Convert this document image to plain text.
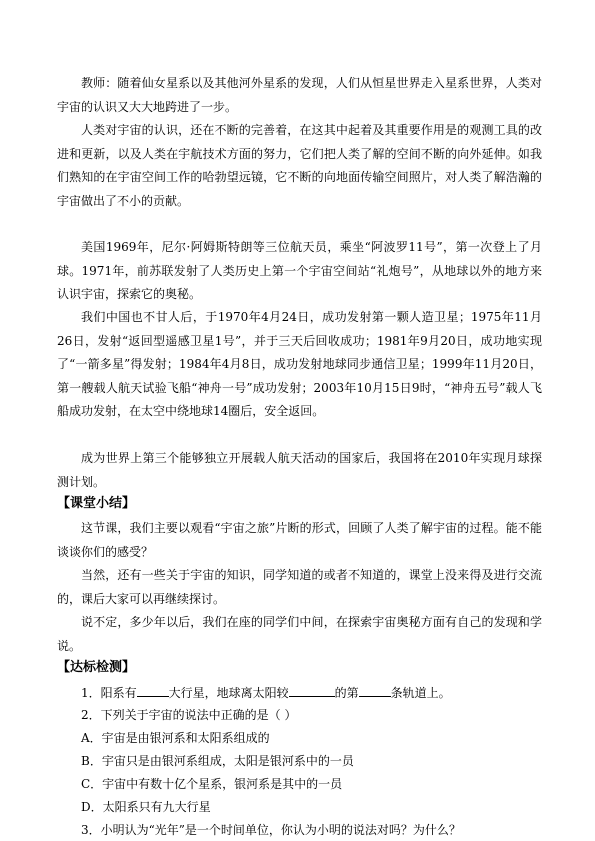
教师：随着仙女星系以及其他河外星系的发现，人们从恒星世界走入星系世界，人类对宇宙的认识又大大地跨进了一步。

人类对宇宙的认识，还在不断的完善着，在这其中起着及其重要作用是的观测工具的改进和更新，以及人类在宇航技术方面的努力，它们把人类了解的空间不断的向外延伸。如我们熟知的在宇宙空间工作的哈勃望远镜，它不断的向地面传输空间照片，对人类了解浩瀚的宇宙做出了不小的贡献。

美国1969年，尼尔·阿姆斯特朗等三位航天员，乘坐“阿波罗11号”，第一次登上了月球。1971年，前苏联发射了人类历史上第一个宇宙空间站“礼炮号”，从地球以外的地方来认识宇宙，探索它的奥秘。

我们中国也不甘人后，于1970年4月24日，成功发射第一颗人造卫星；1975年11月26日，发射“返回型遥感卫星1号”，并于三天后回收成功；1981年9月20日，成功地实现了“一箭多星”得发射；1984年4月8日，成功发射地球同步通信卫星；1999年11月20日，第一艘载人航天试验飞船“神舟一号”成功发射；2003年10月15日9时，“神舟五号”载人飞船成功发射，在太空中绕地球14圈后，安全返回。

成为世界上第三个能够独立开展载人航天活动的国家后，我国将在2010年实现月球探测计划。

【课堂小结】

这节课，我们主要以观看“宇宙之旅”片断的形式，回顾了人类了解宇宙的过程。能不能谈谈你们的感受？

当然，还有一些关于宇宙的知识，同学知道的或者不知道的，课堂上没来得及进行交流的，课后大家可以再继续探讨。

说不定，多少年以后，我们在座的同学们中间，在探索宇宙奥秘方面有自己的发现和学说。

【达标检测】

1．阳系有	大行星，地球离太阳较	的第	条轨道上。

2．下列关于宇宙的说法中正确的是（ ）

A．宇宙是由银河系和太阳系组成的

B．宇宙只是由银河系组成，太阳是银河系中的一员

C．宇宙中有数十亿个星系，银河系是其中的一员

D．太阳系只有九大行星

3．小明认为“光年”是一个时间单位，你认为小明的说法对吗？为什么？
